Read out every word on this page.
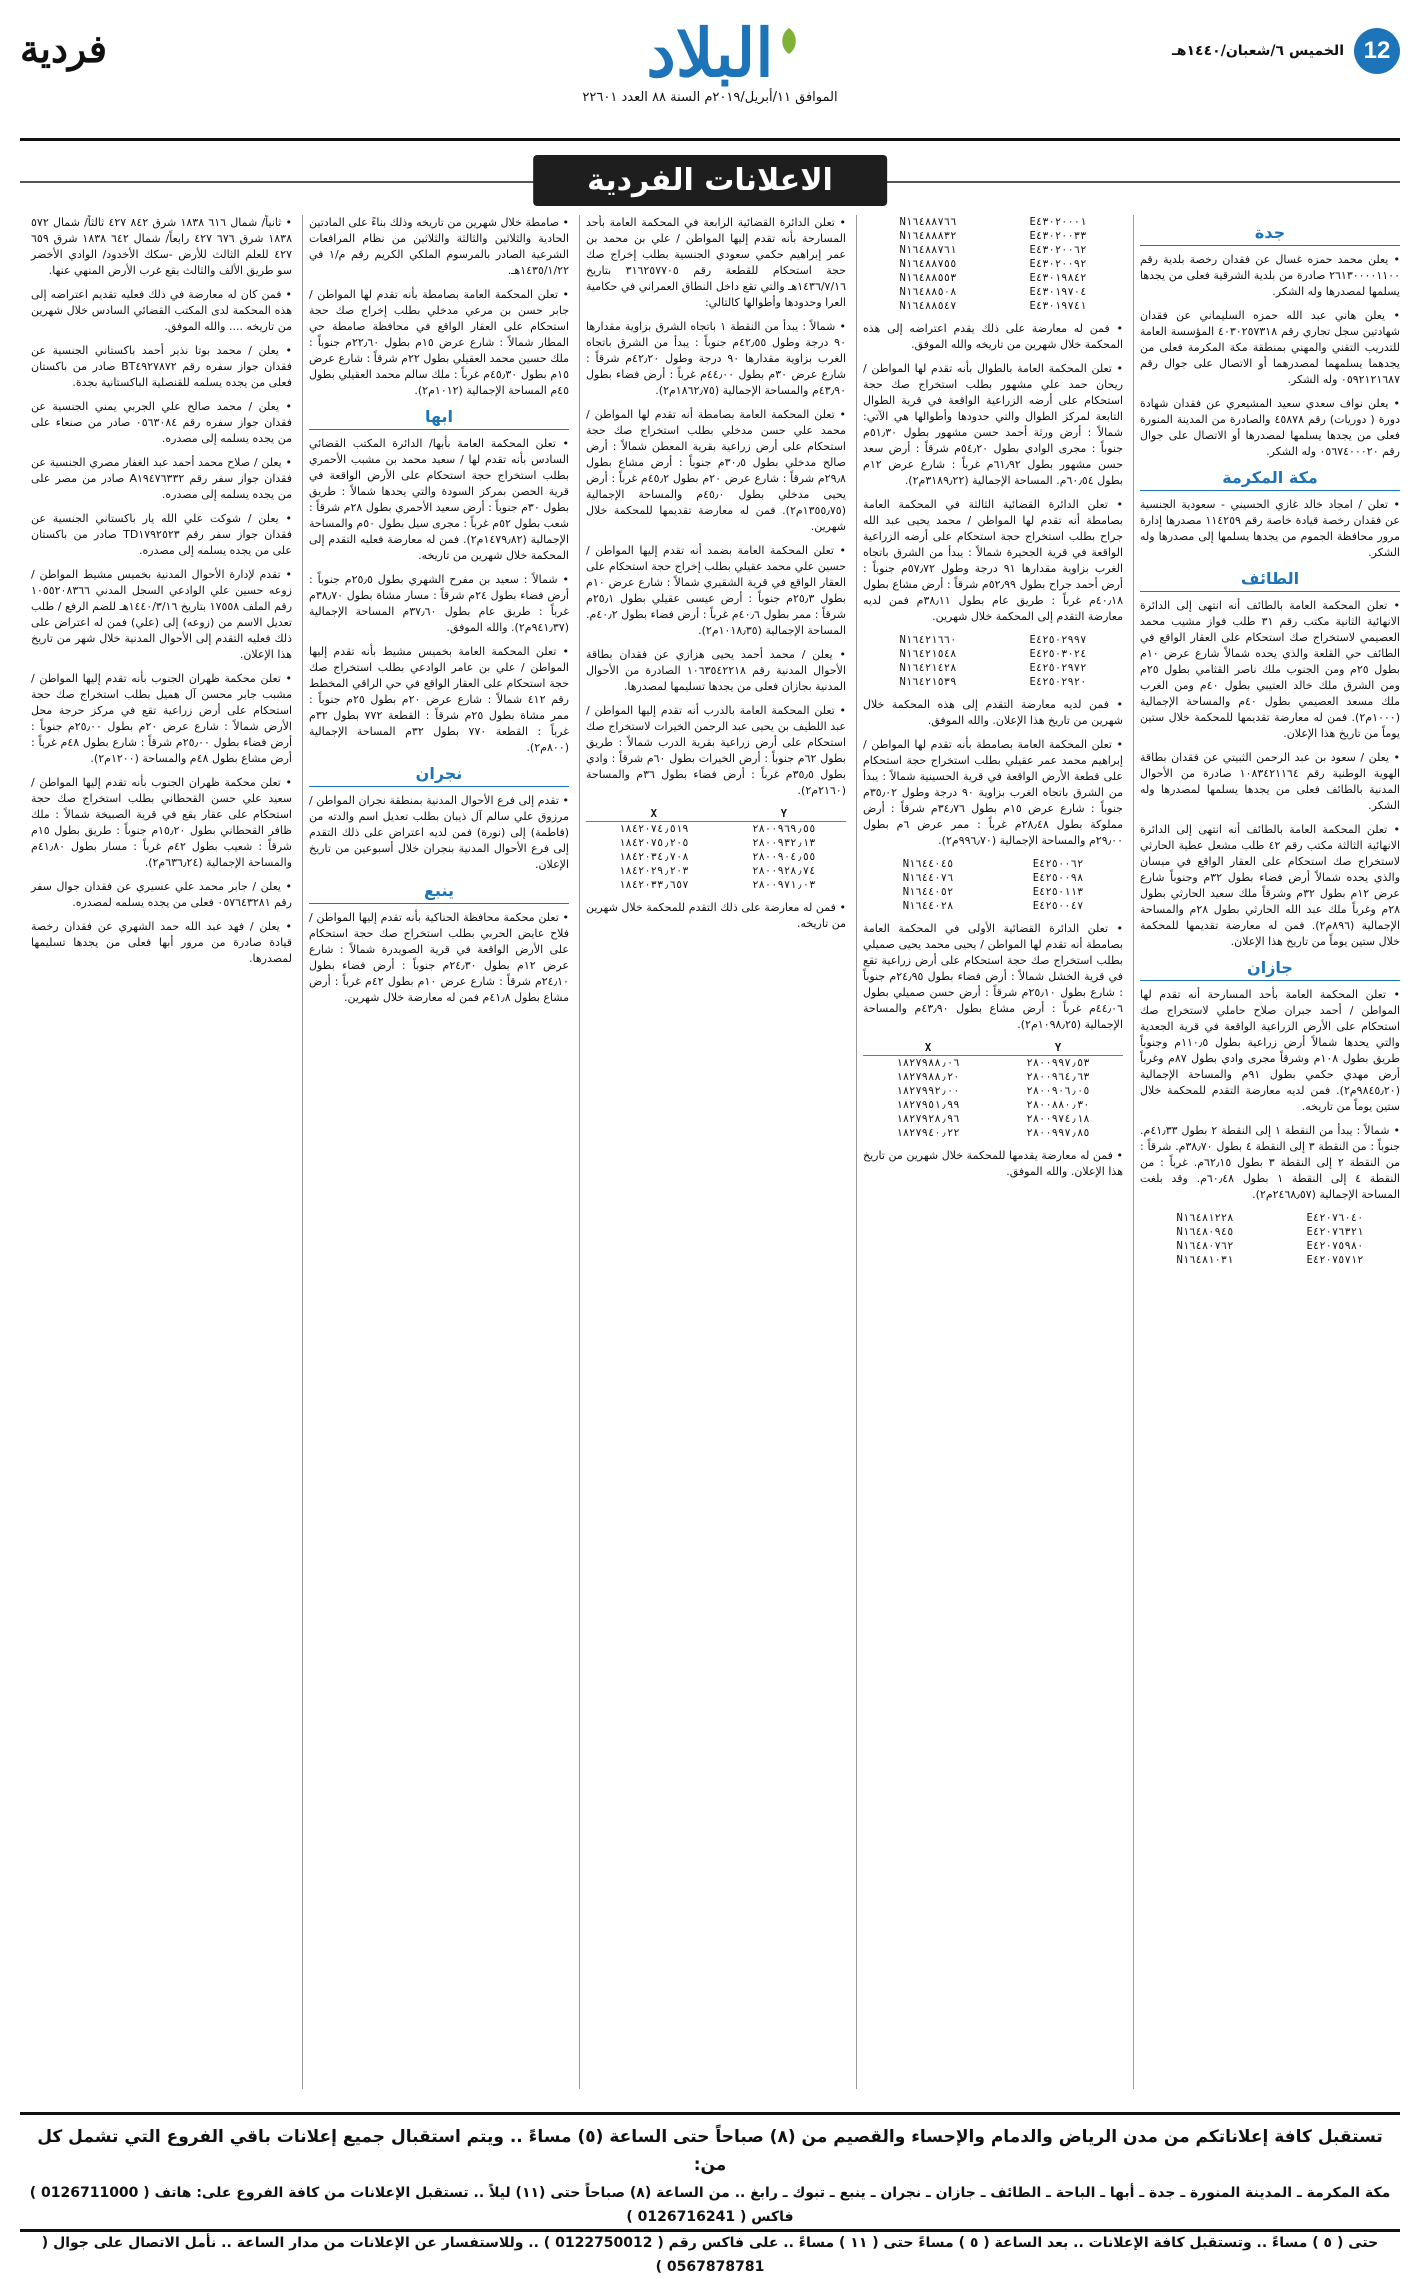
12
الخميس ٦/شعبان/١٤٤٠هـ
البلاد
الموافق ١١/أبريل/٢٠١٩م السنة ٨٨ العدد ٢٢٦٠١
فردية
الاعلانات الفردية
جدة

• يعلن محمد حمزه غسال عن فقدان رخصة بلدية رقم ٢٦١٣٠٠٠٠١١٠٠ صادرة من بلدية الشرقية فعلى من يجدها يسلمها لمصدرها وله الشكر.

• يعلن هاني عبد الله حمزه السليماني عن فقدان شهادتين سجل تجاري رقم ٤٠٣٠٢٥٧٣١٨ المؤسسة العامة للتدريب التقني والمهني بمنطقة مكة المكرمة فعلى من يجدهما يسلمهما لمصدرهما أو الاتصال على جوال رقم ٠٥٩٢١٢١٦٨٧ وله الشكر.

• يعلن نواف سعدي سعيد المشيعري عن فقدان شهادة دورة ( دوريات) رقم ٤٥٨٧٨ والصادرة من المدينة المنورة فعلى من يجدها يسلمها لمصدرها أو الاتصال على جوال رقم ٠٥٦٧٤٠٠٠٢٠ وله الشكر.

مكة المكرمة

• تعلن / امجاد خالد غازي الحسيني - سعودية الجنسية عن فقدان رخصة قيادة خاصة رقم ١١٤٢٥٩ مصدرها إدارة مرور محافظة الجموم من يجدها يسلمها إلى مصدرها وله الشكر.

الطائف

• تعلن المحكمة العامة بالطائف أنه انتهى إلى الدائرة الانهائية الثانية مكتب رقم ٣١ طلب فواز مشيب محمد العصيمي لاستخراج صك استحكام على العقار الواقع في الطائف حي القلعة والذي يحده شمالاً شارع عرض ١٠م بطول ٢٥م ومن الجنوب ملك ناصر القثامي بطول ٢٥م ومن الشرق ملك خالد العتيبي بطول ٤٠م ومن الغرب ملك مسعد العصيمي بطول ٤٠م والمساحة الإجمالية (١٠٠٠م٢). فمن له معارضة تقديمها للمحكمة خلال ستين يوماً من تاريخ هذا الإعلان.

• يعلن / سعود بن عبد الرحمن الثبيتي عن فقدان بطاقة الهوية الوطنية رقم ١٠٨٣٤٢١١٦٤ صادرة من الأحوال المدنية بالطائف فعلى من يجدها يسلمها لمصدرها وله الشكر.

• تعلن المحكمة العامة بالطائف أنه انتهى إلى الدائرة الانهائية الثالثة مكتب رقم ٤٢ طلب مشعل عطية الحارثي لاستخراج صك استحكام على العقار الواقع في ميسان والذي يحده شمالاً أرض فضاء بطول ٣٢م وجنوباً شارع عرض ١٢م بطول ٣٢م وشرقاً ملك سعيد الحارثي بطول ٢٨م وغرباً ملك عبد الله الحارثي بطول ٢٨م والمساحة الإجمالية (٨٩٦م٢). فمن له معارضة تقديمها للمحكمة خلال ستين يوماً من تاريخ هذا الإعلان.

جازان

• تعلن المحكمة العامة بأحد المسارحة أنه تقدم لها المواطن / أحمد جبران صلاح حاملي لاستخراج صك استحكام على الأرض الزراعية الواقعة في قرية الجعدية والتي يحدها شمالاً أرض زراعية بطول ١١٠٫٥م وجنوباً طريق بطول ١٠٨م وشرقاً مجرى وادي بطول ٨٧م وغرباً أرض مهدي حكمي بطول ٩١م والمساحة الإجمالية (٩٨٤٥٫٢٠م٢). فمن لديه معارضة التقدم للمحكمة خلال ستين يوماً من تاريخه.

• شمالاً : يبدأ من النقطة ١ إلى النقطة ٢ بطول ٤١٫٣٣م. جنوباً : من النقطة ٣ إلى النقطة ٤ بطول ٣٨٫٧٠م. شرقاً : من النقطة ٢ إلى النقطة ٣ بطول ٦٢٫١٥م. غرباً : من النقطة ٤ إلى النقطة ١ بطول ٦٠٫٤٨م. وقد بلغت المساحة الإجمالية (٢٤٦٨٫٥٧م٢).

N١٦٤٨١٢٢٨	E٤٢٠٧٦٠٤٠
N١٦٤٨٠٩٤٥	E٤٢٠٧٦٣٢١
N١٦٤٨٠٧٦٢	E٤٢٠٧٥٩٨٠
N١٦٤٨١٠٣١	E٤٢٠٧٥٧١٢
N١٦٤٨٨٧٦٦	E٤٣٠٢٠٠٠١
N١٦٤٨٨٨٣٢	E٤٣٠٢٠٠٣٣
N١٦٤٨٨٧٦١	E٤٣٠٢٠٠٦٢
N١٦٤٨٨٧٥٥	E٤٣٠٢٠٠٩٢
N١٦٤٨٨٥٥٣	E٤٣٠١٩٨٤٢
N١٦٤٨٨٥٠٨	E٤٣٠١٩٧٠٤
N١٦٤٨٨٥٤٧	E٤٣٠١٩٧٤١

• فمن له معارضة على ذلك يقدم اعتراضه إلى هذه المحكمة خلال شهرين من تاريخه والله الموفق.

• تعلن المحكمة العامة بالطوال بأنه تقدم لها المواطن / ريحان حمد علي مشهور بطلب استخراج صك حجة استحكام على أرضه الزراعية الواقعة في قرية الطوال التابعة لمركز الطوال والتي حدودها وأطوالها هي الآتي: شمالاً : أرض ورثة أحمد حسن مشهور بطول ٥١٫٣٠م جنوباً : مجرى الوادي بطول ٥٤٫٢٠م شرقاً : أرض سعد حسن مشهور بطول ٦١٫٩٢م غرباً : شارع عرض ١٢م بطول ٦٠٫٥٤م. المساحة الإجمالية (٣١٨٩٫٢٢م٢).

• تعلن الدائرة القضائية الثالثة في المحكمة العامة بصامطة أنه تقدم لها المواطن / محمد يحيى عبد الله جراح بطلب استخراج حجة استحكام على أرضه الزراعية الواقعة في قرية الجحيرة شمالاً : يبدأ من الشرق باتجاه الغرب بزاوية مقدارها ٩١ درجة وطول ٥٧٫٧٢م جنوباً : أرض أحمد جراح بطول ٥٢٫٩٩م شرقاً : أرض مشاع بطول ٤٠٫١٨م غرباً : طريق عام بطول ٣٨٫١١م فمن لديه معارضة التقدم إلى المحكمة خلال شهرين.

N١٦٤٢١٦٦٠	E٤٢٥٠٢٩٩٧
N١٦٤٢١٥٤٨	E٤٢٥٠٣٠٢٤
N١٦٤٢١٤٢٨	E٤٢٥٠٢٩٧٢
N١٦٤٢١٥٣٩	E٤٢٥٠٢٩٢٠

• فمن لديه معارضة التقدم إلى هذه المحكمة خلال شهرين من تاريخ هذا الإعلان. والله الموفق.

• تعلن المحكمة العامة بصامطة بأنه تقدم لها المواطن / إبراهيم محمد عمر عقيلي بطلب استخراج حجة استحكام على قطعة الأرض الواقعة في قرية الحسينية شمالاً : يبدأ من الشرق باتجاه الغرب بزاوية ٩٠ درجة وطول ٣٥٫٠٢م جنوباً : شارع عرض ١٥م بطول ٣٤٫٧٦م شرقاً : أرض مملوكة بطول ٢٨٫٤٨م غرباً : ممر عرض ٦م بطول ٢٩٫٠٠م والمساحة الإجمالية (٩٩٦٫٧٠م٢).

N١٦٤٤٠٤٥	E٤٢٥٠٠٦٢
N١٦٤٤٠٧٦	E٤٢٥٠٠٩٨
N١٦٤٤٠٥٢	E٤٢٥٠١١٣
N١٦٤٤٠٢٨	E٤٢٥٠٠٤٧

• تعلن الدائرة القضائية الأولى في المحكمة العامة بصامطة أنه تقدم لها المواطن / يحيى محمد يحيى صميلي بطلب استخراج صك حجة استحكام على أرض زراعية تقع في قرية الخشل شمالاً : أرض فضاء بطول ٢٤٫٩٥م جنوباً : شارع بطول ٢٥٫١٠م شرقاً : أرض حسن صميلي بطول ٤٤٫٠٦م غرباً : أرض مشاع بطول ٤٣٫٩٠م والمساحة الإجمالية (١٠٩٨٫٢٥م٢).

X	Y
١٨٢٧٩٨٨٫٠٦	٢٨٠٠٩٩٧٫٥٣
١٨٢٧٩٨٨٫٢٠	٢٨٠٠٩٦٤٫٦٣
١٨٢٧٩٩٢٫٠٠	٢٨٠٠٩٠٦٫٠٥
١٨٢٧٩٥١٫٩٩	٢٨٠٠٨٨٠٫٣٠
١٨٢٧٩٢٨٫٩٦	٢٨٠٠٩٧٤٫١٨
١٨٢٧٩٤٠٫٢٢	٢٨٠٠٩٩٧٫٨٥

• فمن له معارضة يقدمها للمحكمة خلال شهرين من تاريخ هذا الإعلان. والله الموفق.

• تعلن الدائرة القضائية الرابعة في المحكمة العامة بأحد المسارحة بأنه تقدم إليها المواطن / علي بن محمد بن عمر إبراهيم حكمي سعودي الجنسية بطلب إخراج صك حجة استحكام للقطعة رقم ٣١٦٢٥٧٧٠٥ بتاريخ ١٤٣٦/٧/١٦هـ والتي تقع داخل النطاق العمراني في حكامية العرا وحدودها وأطوالها كالتالي:

• شمالاً : يبدأ من النقطة ١ باتجاه الشرق بزاوية مقدارها ٩٠ درجة وطول ٤٢٫٥٥م جنوباً : يبدأ من الشرق باتجاه الغرب بزاوية مقدارها ٩٠ درجة وطول ٤٢٫٢٠م شرقاً : شارع عرض ٣٠م بطول ٤٤٫٠٠م غرباً : أرض فضاء بطول ٤٣٫٩٠م والمساحة الإجمالية (١٨٦٢٫٧٥م٢).

• تعلن المحكمة العامة بصامطة أنه تقدم لها المواطن / محمد علي حسن مدخلي بطلب استخراج صك حجة استحكام على أرض زراعية بقرية المعطن شمالاً : أرض صالح مدخلي بطول ٣٠٫٥م جنوباً : أرض مشاع بطول ٢٩٫٨م شرقاً : شارع عرض ٢٠م بطول ٤٥٫٢م غرباً : أرض يحيى مدخلي بطول ٤٥٫٠م والمساحة الإجمالية (١٣٥٥٫٧٥م٢). فمن له معارضة تقديمها للمحكمة خلال شهرين.

• تعلن المحكمة العامة بضمد أنه تقدم إليها المواطن / حسين علي محمد عقيلي بطلب إخراج حجة استحكام على العقار الواقع في قرية الشقيري شمالاً : شارع عرض ١٠م بطول ٢٥٫٣م جنوباً : أرض عيسى عقيلي بطول ٢٥٫١م شرقاً : ممر بطول ٤٠٫٦م غرباً : أرض فضاء بطول ٤٠٫٢م. المساحة الإجمالية (١٠١٨٫٣٥م٢).

• يعلن / محمد أحمد يحيى هزازي عن فقدان بطاقة الأحوال المدنية رقم ١٠٦٣٥٤٢٢١٨ الصادرة من الأحوال المدنية بجازان فعلى من يجدها تسليمها لمصدرها.

• تعلن المحكمة العامة بالدرب أنه تقدم إليها المواطن / عبد اللطيف بن يحيى عبد الرحمن الخيرات لاستخراج صك استحكام على أرض زراعية بقرية الدرب شمالاً : طريق بطول ٦٢م جنوباً : أرض الخيرات بطول ٦٠م شرقاً : وادي بطول ٣٥٫٥م غرباً : أرض فضاء بطول ٣٦م والمساحة (٢١٦٠م٢).

X	Y
١٨٤٢٠٧٤٫٥١٩	٢٨٠٠٩٦٩٫٥٥
١٨٤٢٠٧٥٫٢٠٥	٢٨٠٠٩٣٢٫١٣
١٨٤٢٠٣٤٫٧٠٨	٢٨٠٠٩٠٤٫٥٥
١٨٤٢٠٢٩٫٢٠٣	٢٨٠٠٩٢٨٫٧٤
١٨٤٢٠٣٣٫٦٥٧	٢٨٠٠٩٧١٫٠٣

• فمن له معارضة على ذلك التقدم للمحكمة خلال شهرين من تاريخه.

• صامطة خلال شهرين من تاريخه وذلك بناءً على المادتين الحادية والثلاثين والثالثة والثلاثين من نظام المرافعات الشرعية الصادر بالمرسوم الملكي الكريم رقم م/١ في ١٤٣٥/١/٢٢هـ.

• تعلن المحكمة العامة بصامطة بأنه تقدم لها المواطن / جابر حسن بن مرعي مدخلي بطلب إخراج صك حجة استحكام على العقار الواقع في محافظة صامطة حي المطار شمالاً : شارع عرض ١٥م بطول ٢٢٫٦٠م جنوباً : ملك حسين محمد العقيلي بطول ٢٢م شرقاً : شارع عرض ١٥م بطول ٤٥٫٣٠م غرباً : ملك سالم محمد العقيلي بطول ٤٥م المساحة الإجمالية (١٠١٢م٢).

ابها

• تعلن المحكمة العامة بأبها/ الدائرة المكتب القضائي السادس بأنه تقدم لها / سعيد محمد بن مشبب الأحمري بطلب استخراج حجة استحكام على الأرض الواقعة في قرية الحصن بمركز السودة والتي يحدها شمالاً : طريق بطول ٣٠م جنوباً : أرض سعيد الأحمري بطول ٢٨م شرقاً : شعب بطول ٥٢م غرباً : مجرى سيل بطول ٥٠م والمساحة الإجمالية (١٤٧٩٫٨٢م٢). فمن له معارضة فعليه التقدم إلى المحكمة خلال شهرين من تاريخه.

• شمالاً : سعيد بن مفرح الشهري بطول ٢٥٫٥م جنوباً : أرض فضاء بطول ٢٤م شرقاً : مسار مشاة بطول ٣٨٫٧٠م غرباً : طريق عام بطول ٣٧٫٦٠م المساحة الإجمالية (٩٤١٫٣٧م٢). والله الموفق.

• تعلن المحكمة العامة بخميس مشيط بأنه تقدم إليها المواطن / علي بن عامر الوادعي بطلب استخراج صك حجة استحكام على العقار الواقع في حي الراقي المخطط رقم ٤١٢ شمالاً : شارع عرض ٢٠م بطول ٢٥م جنوباً : ممر مشاة بطول ٢٥م شرقاً : القطعة ٧٧٢ بطول ٣٢م غرباً : القطعة ٧٧٠ بطول ٣٢م المساحة الإجمالية (٨٠٠م٢).

نجران

• تقدم إلى فرع الأحوال المدنية بمنطقة نجران المواطن / مرزوق علي سالم آل ذيبان بطلب تعديل اسم والدته من (فاطمة) إلى (نورة) فمن لديه اعتراض على ذلك التقدم إلى فرع الأحوال المدنية بنجران خلال أسبوعين من تاريخ الإعلان.

ينبع

• تعلن محكمة محافظة الحناكية بأنه تقدم إليها المواطن / فلاح عايض الحربي بطلب استخراج صك حجة استحكام على الأرض الواقعة في قرية الصويدرة شمالاً : شارع عرض ١٢م بطول ٢٤٫٣٠م جنوباً : أرض فضاء بطول ٢٤٫١٠م شرقاً : شارع عرض ١٠م بطول ٤٢م غرباً : أرض مشاع بطول ٤١٫٨م فمن له معارضة خلال شهرين.

• ثانياً/ شمال ٦١٦ ١٨٣٨ شرق ٨٤٢ ٤٢٧ ثالثاً/ شمال ٥٧٢ ١٨٣٨ شرق ٦٧٦ ٤٢٧ رابعاً/ شمال ٦٤٢ ١٨٣٨ شرق ٦٥٩ ٤٢٧ للعلم الثالث للأرض -سكك الأخدود/ الوادي الأخضر سو طريق الألف والثالث يقع غرب الأرض المنهي عنها.

• فمن كان له معارضة في ذلك فعليه تقديم اعتراضه إلى هذه المحكمة لدى المكتب القضائي السادس خلال شهرين من تاريخه .... والله الموفق.

• يعلن / محمد بوتا نذير أحمد باكستاني الجنسية عن فقدان جواز سفره رقم BT٤٩٢٧٨٧٢ صادر من باكستان فعلى من يجده يسلمه للقنصلية الباكستانية بجدة.

• يعلن / محمد صالح علي الجربي يمني الجنسية عن فقدان جواز سفره رقم ٠٥٦٣٠٨٤ صادر من صنعاء على من يجده يسلمه إلى مصدره.

• يعلن / صلاح محمد أحمد عبد الغفار مصري الجنسية عن فقدان جواز سفر رقم A١٩٤٧٦٣٣٢ صادر من مصر على من يجده يسلمه إلى مصدره.

• يعلن / شوكت علي الله يار باكستاني الجنسية عن فقدان جواز سفر رقم TD١٧٩٢٥٢٣ صادر من باكستان على من يجده يسلمه إلى مصدره.

• تقدم لإدارة الأحوال المدنية بخميس مشيط المواطن / زوعه حسين علي الوادعي السجل المدني ١٠٥٥٢٠٨٣٦٦ رقم الملف ١٧٥٥٨ بتاريخ ١٤٤٠/٣/١٦هـ للضم الرفع / طلب تعديل الاسم من (زوعه) إلى (علي) فمن له اعتراض على ذلك فعليه التقدم إلى الأحوال المدنية خلال شهر من تاريخ هذا الإعلان.

• تعلن محكمة ظهران الجنوب بأنه تقدم إليها المواطن / مشبب جابر محسن آل هميل بطلب استخراج صك حجة استحكام على أرض زراعية تقع في مركز حرجة محل الأرض شمالاً : شارع عرض ٢٠م بطول ٢٥٫٠٠م جنوباً : أرض فضاء بطول ٢٥٫٠٠م شرقاً : شارع بطول ٤٨م غرباً : أرض مشاع بطول ٤٨م والمساحة (١٢٠٠م٢).

• تعلن محكمة ظهران الجنوب بأنه تقدم إليها المواطن / سعيد علي حسن القحطاني بطلب استخراج صك حجة استحكام على عقار يقع في قرية الصبيخة شمالاً : ملك ظافر القحطاني بطول ١٥٫٢٠م جنوباً : طريق بطول ١٥م شرقاً : شعيب بطول ٤٢م غرباً : مسار بطول ٤١٫٨٠م والمساحة الإجمالية (٦٣٦٫٢٤م٢).

• يعلن / جابر محمد علي عسيري عن فقدان جوال سفر رقم ٠٥٧٦٤٣٢٨١ فعلى من يجده يسلمه لمصدره.

• يعلن / فهد عبد الله حمد الشهري عن فقدان رخصة قيادة صادرة من مرور أبها فعلى من يجدها تسليمها لمصدرها.

تستقبل كافة إعلاناتكم من مدن الرياض والدمام والإحساء والقصيم من (٨) صباحاً حتى الساعة (٥) مساءً .. ويتم استقبال جميع إعلانات باقي الفروع التي تشمل كل من:
مكة المكرمة ـ المدينة المنورة ـ جدة ـ أبها ـ الباحة ـ الطائف ـ جازان ـ نجران ـ ينبع ـ تبوك ـ رابغ .. من الساعة (٨) صباحاً حتى (١١) ليلاً .. تستقبل الإعلانات من كافة الفروع على: هاتف ( 0126711000 ) فاكس ( 0126716241 )
حتى ( ٥ ) مساءً .. وتستقبل كافة الإعلانات .. بعد الساعة ( ٥ ) مساءً حتى ( ١١ ) مساءً .. على فاكس رقم ( 0122750012 ) .. وللاستفسار عن الإعلانات من مدار الساعة .. نأمل الاتصال على جوال ( 0567878781 )
